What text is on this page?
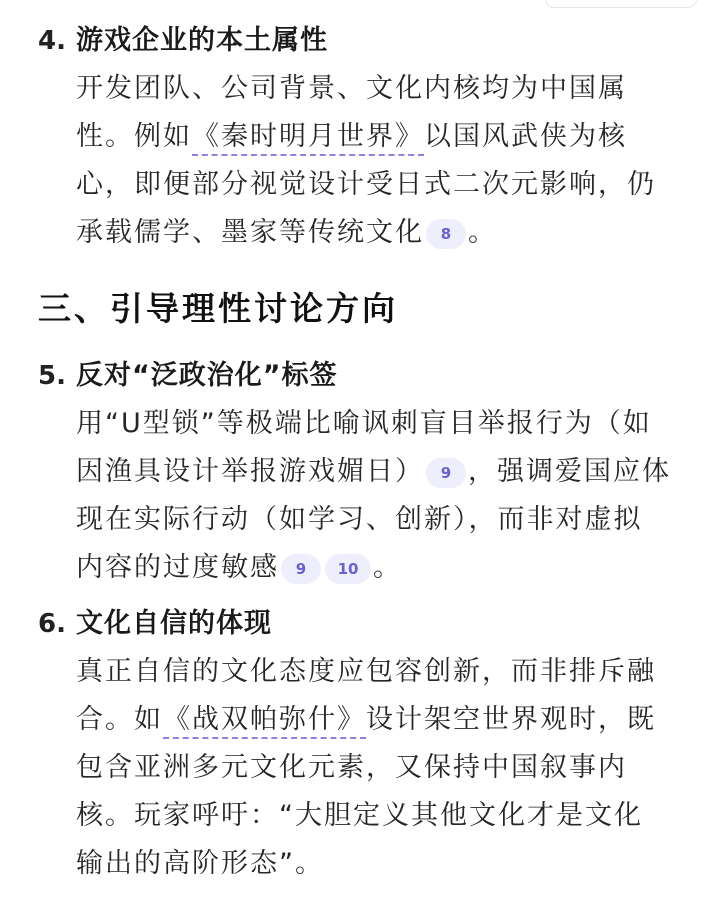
4. 游戏企业的本土属性
开发团队、公司背景、文化内核均为中国属
性。例如《秦时明月世界》以国风武侠为核
心，即便部分视觉设计受日式二次元影响，仍
承载儒学、墨家等传统文化 8 。
三、引导理性讨论方向
5. 反对“泛政治化”标签
用“U型锁”等极端比喻讽刺盲目举报行为（如
因渔具设计举报游戏媚日） 9 ，强调爱国应体
现在实际行动（如学习、创新），而非对虚拟
内容的过度敏感 9 10 。
6. 文化自信的体现
真正自信的文化态度应包容创新，而非排斥融
合。如《战双帕弥什》设计架空世界观时，既
包含亚洲多元文化元素，又保持中国叙事内
核。玩家呼吁：“大胆定义其他文化才是文化
输出的高阶形态”。
